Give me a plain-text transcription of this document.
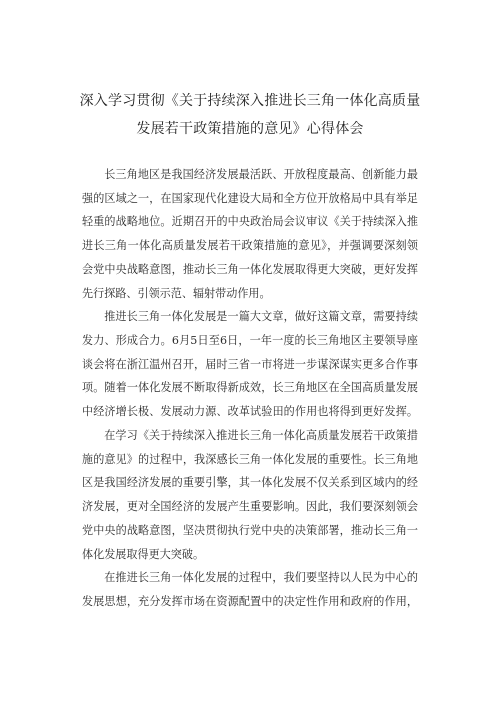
深入学习贯彻《关于持续深入推进长三角一体化高质量
发展若干政策措施的意见》心得体会
长三角地区是我国经济发展最活跃、开放程度最高、创新能力最
强的区域之一，在国家现代化建设大局和全方位开放格局中具有举足
轻重的战略地位。近期召开的中央政治局会议审议《关于持续深入推
进长三角一体化高质量发展若干政策措施的意见》，并强调要深刻领
会党中央战略意图，推动长三角一体化发展取得更大突破，更好发挥
先行探路、引领示范、辐射带动作用。
推进长三角一体化发展是一篇大文章，做好这篇文章，需要持续
发力、形成合力。6月5日至6日，一年一度的长三角地区主要领导座
谈会将在浙江温州召开，届时三省一市将进一步谋深谋实更多合作事
项。随着一体化发展不断取得新成效，长三角地区在全国高质量发展
中经济增长极、发展动力源、改革试验田的作用也将得到更好发挥。
在学习《关于持续深入推进长三角一体化高质量发展若干政策措
施的意见》的过程中，我深感长三角一体化发展的重要性。长三角地
区是我国经济发展的重要引擎，其一体化发展不仅关系到区域内的经
济发展，更对全国经济的发展产生重要影响。因此，我们要深刻领会
党中央的战略意图，坚决贯彻执行党中央的决策部署，推动长三角一
体化发展取得更大突破。
在推进长三角一体化发展的过程中，我们要坚持以人民为中心的
发展思想，充分发挥市场在资源配置中的决定性作用和政府的作用，
